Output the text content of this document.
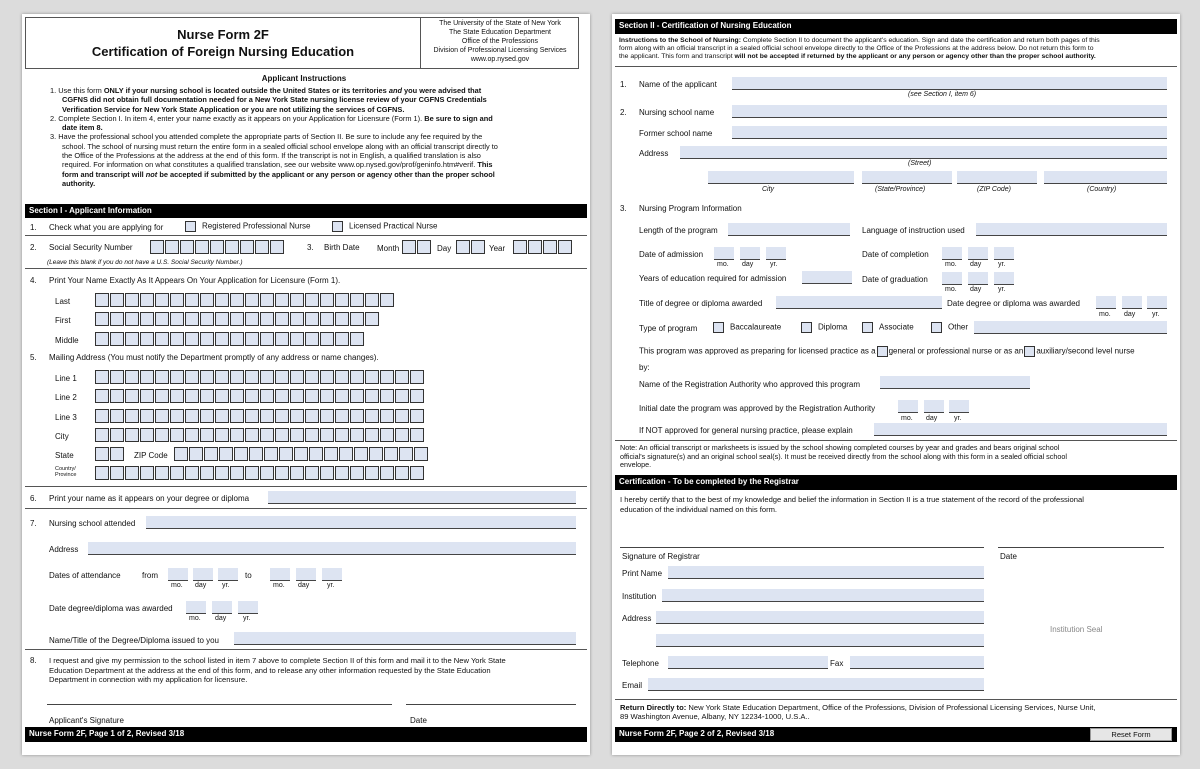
Nurse Form 2F
Certification of Foreign Nursing Education
The University of the State of New York
The State Education Department
Office of the Professions
Division of Professional Licensing Services
www.op.nysed.gov
Applicant Instructions
1. Use this form ONLY if your nursing school is located outside the United States or its territories and you were advised that
CGFNS did not obtain full documentation needed for a New York State nursing license review of your CGFNS Credentials
Verification Service for New York State Application or you are not utilizing the services of CGFNS.
2. Complete Section I. In item 4, enter your name exactly as it appears on your Application for Licensure (Form 1). Be sure to sign and
date item 8.
3. Have the professional school you attended complete the appropriate parts of Section II. Be sure to include any fee required by the
school. The school of nursing must return the entire form in a sealed official school envelope along with an official transcript directly to
the Office of the Professions at the address at the end of this form. If the transcript is not in English, a qualified translation is also
required. For information on what constitutes a qualified translation, see our website www.op.nysed.gov/prof/geninfo.htm#verif. This
form and transcript will not be accepted if submitted by the applicant or any person or agency other than the proper school
authority.
Section I - Applicant Information
1. Check what you are applying for	Registered Professional Nurse	Licensed Practical Nurse
2. Social Security Number	3. Birth Date Month	Day	Year
(Leave this blank if you do not have a U.S. Social Security Number.)
4. Print Your Name Exactly As It Appears On Your Application for Licensure (Form 1).
Last
First
Middle
5. Mailing Address (You must notify the Department promptly of any address or name changes).
Line 1
Line 2
Line 3
City
State	ZIP Code
Country/
Province
6. Print your name as it appears on your degree or diploma
7. Nursing school attended
Address
Dates of attendance	from
mo. day yr.
to
mo. day	yr.
Date degree/diploma was awarded
mo. day yr.
Name/Title of the Degree/Diploma issued to you
8. I request and give my permission to the school listed in item 7 above to complete Section II of this form and mail it to the New York State
Education Department at the address at the end of this form, and to release any other information requested by the State Education
Department in connection with my application for licensure.
Applicant's Signature	Date
Nurse Form 2F, Page 1 of 2, Revised 3/18
Section II - Certification of Nursing Education
Instructions to the School of Nursing: Complete Section II to document the applicant's education. Sign and date the certification and return both pages of this
form along with an official transcript in a sealed official school envelope directly to the Office of the Professions at the address below. Do not return this form to
the applicant. This form and transcript will not be accepted if returned by the applicant or any person or agency other than the proper school authority.
1. Name of the applicant
(see Section I, item 6)
2. Nursing school name
Former school name
Address
(Street)
City	(State/Province)	(ZIP Code)	(Country)
3. Nursing Program Information
Length of the program	Language of instruction used
Date of admission
mo. day yr.
Date of completion
mo. day yr.
Years of education required for admission	Date of graduation
mo. day yr.
Title of degree or diploma awarded	Date degree or diploma was awarded
mo. day yr.
Type of program	Baccalaureate	Diploma	Associate	Other
This program was approved as preparing for licensed practice as a general or professional nurse or as an auxiliary/second level nurse
by:
Name of the Registration Authority who approved this program
Initial date the program was approved by the Registration Authority
mo. day yr.
If NOT approved for general nursing practice, please explain
Note: An official transcript or marksheets is issued by the school showing completed courses by year and grades and bears original school
official's signature(s) and an original school seal(s). It must be received directly from the school along with this form in a sealed official school
envelope.
Certification - To be completed by the Registrar
I hereby certify that to the best of my knowledge and belief the information in Section II is a true statement of the record of the professional
education of the individual named on this form.
Signature of Registrar	Date
Print Name
Institution
Address
Institution Seal
Telephone	Fax
Email
Return Directly to: New York State Education Department, Office of the Professions, Division of Professional Licensing Services, Nurse Unit,
89 Washington Avenue, Albany, NY 12234-1000, U.S.A..
Nurse Form 2F, Page 2 of 2, Revised 3/18	Reset Form
